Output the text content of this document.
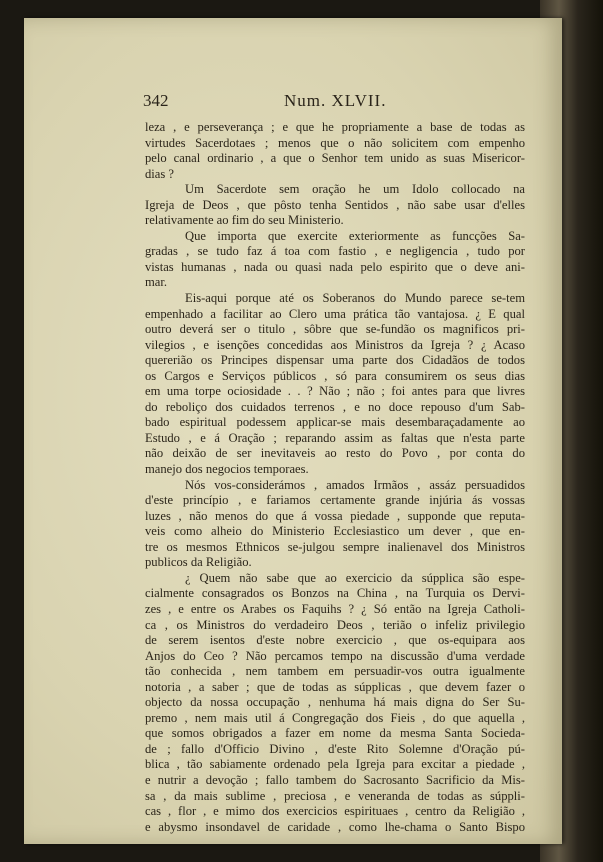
342	Num. XLVII.
leza , e perseverança ; e que he propriamente a base de todas as
virtudes Sacerdotaes ; menos que o não solicitem com empenho
pelo canal ordinario , a que o Senhor tem unido as suas Misericor-
dias ?
Um Sacerdote sem oração he um Idolo collocado na
Igreja de Deos , que pôsto tenha Sentidos , não sabe usar d'elles
relativamente ao fim do seu Ministerio.
Que importa que exercite exteriormente as funcções Sa-
gradas , se tudo faz á toa com fastio , e negligencia , tudo por
vistas humanas , nada ou quasi nada pelo espirito que o deve ani-
mar.
Eis-aqui porque até os Soberanos do Mundo parece se-tem
empenhado a facilitar ao Clero uma prática tão vantajosa. ¿ E qual
outro deverá ser o titulo , sôbre que se-fundão os magnificos pri-
vilegios , e isenções concedidas aos Ministros da Igreja ? ¿ Acaso
quererião os Principes dispensar uma parte dos Cidadãos de todos
os Cargos e Serviços públicos , só para consumirem os seus dias
em uma torpe ociosidade . . ? Não ; não ; foi antes para que livres
do reboliço dos cuidados terrenos , e no doce repouso d'um Sab-
bado espiritual podessem applicar-se mais desembaraçadamente ao
Estudo , e á Oração ; reparando assim as faltas que n'esta parte
não deixão de ser inevitaveis ao resto do Povo , por conta do
manejo dos negocios temporaes.
Nós vos-considerámos , amados Irmãos , assáz persuadidos
d'este princípio , e fariamos certamente grande injúria ás vossas
luzes , não menos do que á vossa piedade , supponde que reputa-
veis como alheio do Ministerio Ecclesiastico um dever , que en-
tre os mesmos Ethnicos se-julgou sempre inalienavel dos Ministros
publicos da Religião.
¿ Quem não sabe que ao exercicio da súpplica são espe-
cialmente consagrados os Bonzos na China , na Turquia os Dervi-
zes , e entre os Arabes os Faquihs ? ¿ Só então na Igreja Catholi-
ca , os Ministros do verdadeiro Deos , terião o infeliz privilegio
de serem isentos d'este nobre exercicio , que os-equipara aos
Anjos do Ceo ? Não percamos tempo na discussão d'uma verdade
tão conhecida , nem tambem em persuadir-vos outra igualmente
notoria , a saber ; que de todas as súpplicas , que devem fazer o
objecto da nossa occupação , nenhuma há mais digna do Ser Su-
premo , nem mais util á Congregação dos Fieis , do que aquella ,
que somos obrigados a fazer em nome da mesma Santa Socieda-
de ; fallo d'Officio Divino , d'este Rito Solemne d'Oração pú-
blica , tão sabiamente ordenado pela Igreja para excitar a piedade ,
e nutrir a devoção ; fallo tambem do Sacrosanto Sacrificio da Mis-
sa , da mais sublime , preciosa , e veneranda de todas as súppli-
cas , flor , e mimo dos exercicios espirituaes , centro da Religião ,
e abysmo insondavel de caridade , como lhe-chama o Santo Bispo
